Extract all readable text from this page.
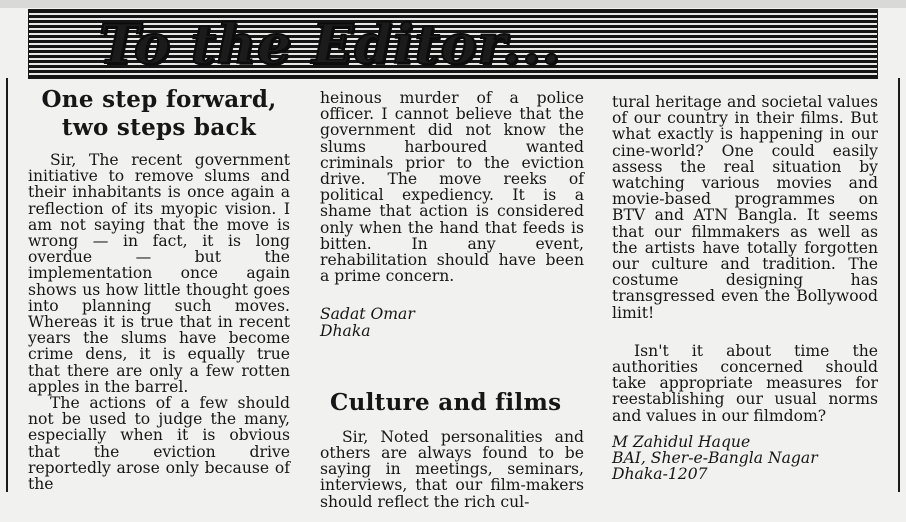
To the Editor...
One step forward, two steps back

Sir, The recent government initiative to remove slums and their inhabitants is once again a reflection of its myopic vision. I am not saying that the move is wrong — in fact, it is long overdue — but the implementation once again shows us how little thought goes into planning such moves. Whereas it is true that in recent years the slums have become crime dens, it is equally true that there are only a few rotten apples in the barrel.

The actions of a few should not be used to judge the many, especially when it is obvious that the eviction drive reportedly arose only because of the

heinous murder of a police officer. I cannot believe that the government did not know the slums harboured wanted criminals prior to the eviction drive. The move reeks of political expediency. It is a shame that action is considered only when the hand that feeds is bitten. In any event, rehabilitation should have been a prime concern.

Sadat Omar

Dhaka

Culture and films

Sir, Noted personalities and others are always found to be saying in meetings, seminars, interviews, that our film-makers should reflect the rich cul-

tural heritage and societal values of our country in their films. But what exactly is happening in our cine-world? One could easily assess the real situation by watching various movies and movie-based programmes on BTV and ATN Bangla. It seems that our filmmakers as well as the artists have totally forgotten our culture and tradition. The costume designing has transgressed even the Bollywood limit!

Isn't it about time the authorities concerned should take appropriate measures for reestablishing our usual norms and values in our filmdom?

M Zahidul Haque

BAI, Sher-e-Bangla Nagar

Dhaka-1207
